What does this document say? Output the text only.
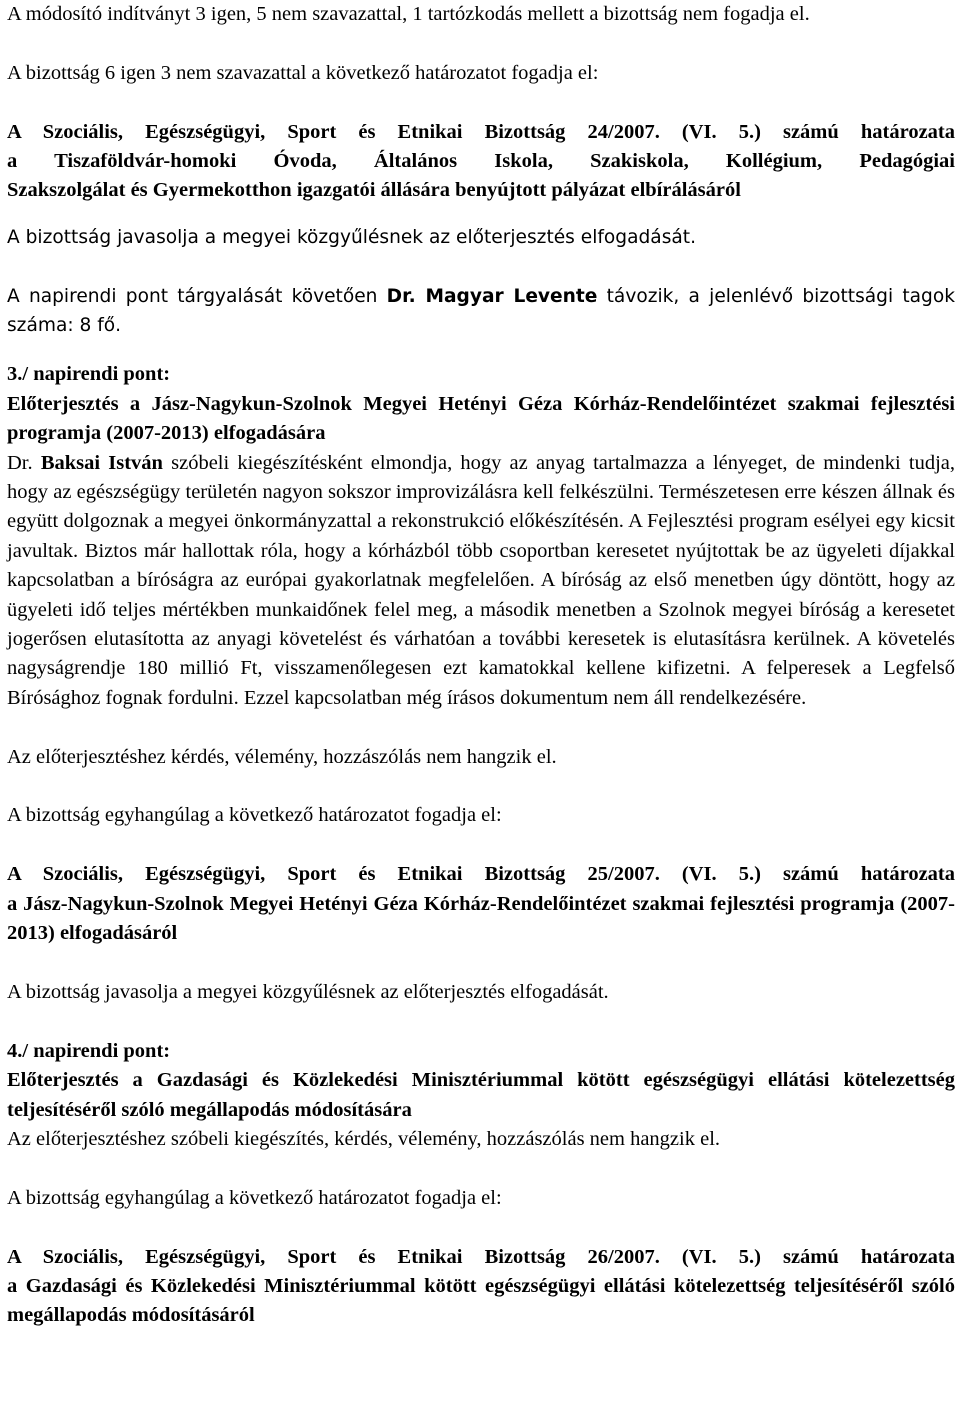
A módosító indítványt 3 igen, 5 nem szavazattal, 1 tartózkodás mellett a bizottság nem fogadja el.

A bizottság 6 igen 3 nem szavazattal a következő határozatot fogadja el:

A Szociális, Egészségügyi, Sport és Etnikai Bizottság 24/2007. (VI. 5.) számú határozata

a Tiszaföldvár-homoki Óvoda, Általános Iskola, Szakiskola, Kollégium, Pedagógiai

Szakszolgálat és Gyermekotthon igazgatói állására benyújtott pályázat elbírálásáról

A bizottság javasolja a megyei közgyűlésnek az előterjesztés elfogadását.

A napirendi pont tárgyalását követően Dr. Magyar Levente távozik, a jelenlévő bizottsági tagok száma: 8 fő.

3./ napirendi pont:

Előterjesztés a Jász-Nagykun-Szolnok Megyei Hetényi Géza Kórház-Rendelőintézet szakmai fejlesztési programja (2007-2013) elfogadására

Dr. Baksai István szóbeli kiegészítésként elmondja, hogy az anyag tartalmazza a lényeget, de mindenki tudja, hogy az egészségügy területén nagyon sokszor improvizálásra kell felkészülni. Természetesen erre készen állnak és együtt dolgoznak a megyei önkormányzattal a rekonstrukció előkészítésén. A Fejlesztési program esélyei egy kicsit javultak. Biztos már hallottak róla, hogy a kórházból több csoportban keresetet nyújtottak be az ügyeleti díjakkal kapcsolatban a bíróságra az európai gyakorlatnak megfelelően. A bíróság az első menetben úgy döntött, hogy az ügyeleti idő teljes mértékben munkaidőnek felel meg, a második menetben a Szolnok megyei bíróság a keresetet jogerősen elutasította az anyagi követelést és várhatóan a további keresetek is elutasításra kerülnek. A követelés nagyságrendje 180 millió Ft, visszamenőlegesen ezt kamatokkal kellene kifizetni. A felperesek a Legfelső Bírósághoz fognak fordulni. Ezzel kapcsolatban még írásos dokumentum nem áll rendelkezésére.

Az előterjesztéshez kérdés, vélemény, hozzászólás nem hangzik el.

A bizottság egyhangúlag a következő határozatot fogadja el:

A Szociális, Egészségügyi, Sport és Etnikai Bizottság 25/2007. (VI. 5.) számú határozata

a Jász-Nagykun-Szolnok Megyei Hetényi Géza Kórház-Rendelőintézet szakmai fejlesztési programja (2007-2013) elfogadásáról

A bizottság javasolja a megyei közgyűlésnek az előterjesztés elfogadását.

4./ napirendi pont:

Előterjesztés a Gazdasági és Közlekedési Minisztériummal kötött egészségügyi ellátási kötelezettség teljesítéséről szóló megállapodás módosítására

Az előterjesztéshez szóbeli kiegészítés, kérdés, vélemény, hozzászólás nem hangzik el.

A bizottság egyhangúlag a következő határozatot fogadja el:

A Szociális, Egészségügyi, Sport és Etnikai Bizottság 26/2007. (VI. 5.) számú határozata

a Gazdasági és Közlekedési Minisztériummal kötött egészségügyi ellátási kötelezettség teljesítéséről szóló megállapodás módosításáról
